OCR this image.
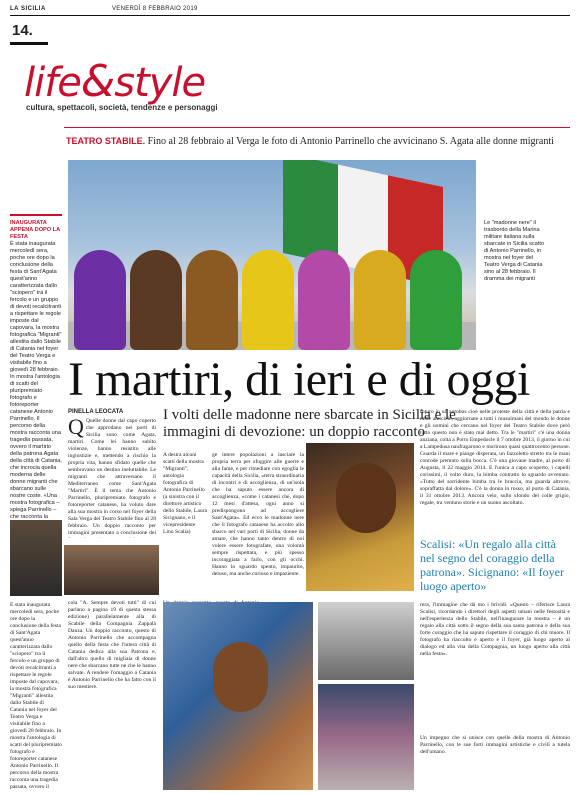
LA SICILIA	VENERDÌ 8 FEBBRAIO 2019
14.
life&style
cultura, spettacoli, società, tendenze e personaggi
TEATRO STABILE. Fino al 28 febbraio al Verga le foto di Antonio Parrinello che avvicinano S. Agata alle donne migranti
INAUGURATA APPENA DOPO LA FESTA
È stata inaugurata mercoledì sera, poche ore dopo la conclusione della festa di Sant'Agata quest'anno caratterizzata dallo "sciopero" tra il fercolo e un gruppo di devoti recalcitranti a rispettare le regole imposte dal capovara, la mostra fotografica "Migranti" allestita dallo Stabile di Catania nel foyer del Teatro Verga e visitabile fino a giovedì 28 febbraio. In mostra l'antologia di scatti del pluripremiato fotografo e fotoreporter catanese Antonio Parrinello. Il percorso della mostra racconta una tragedia passata, ovvero il martirio della patrona Agata della città di Catania, che incrocia quella moderna delle donne migranti che sbarcano sulle nostre coste. «Una mostra fotografica – spiega Parrinello – che racconta la
Le "madonne nere" il trasbordo della Marina militare italiana sulla sbarcate in Sicilia scatto di Antonio Parrinello, in mostra nel foyer del Teatro Verga di Catania sino al 28 febbraio. Il dramma dei migranti
I martiri, di ieri e di oggi
PINELLA LEOCATA
Q Quelle donne dal capo coperto che approdano nei porti di Sicilia sono come Agata, martiri. Come lei hanno subìto violenze, hanno resistito alle ingiustizie e, mettendo a rischio la propria vita, hanno sfidato quelle che sembravano un destino ineluttabile. Le migranti che attraversano il Mediterraneo come Sant'Agata "Martiri". È il tema che Antonio Parrinello, pluripremiato fotografo e fotoreporter catanese, ha voluto dare alla sua mostra in corso nel foyer della Sala Verga del Teatro Stabile fino al 28 febbraio. Un doppio racconto per immagini presentato a conclusione dei
I volti delle madonne nere sbarcate in Sicilia e le immagini di devozione: un doppio racconto
A destra alcuni scatti della mostra "Migranti", antologia fotografica di Antonio Parrinello (a sinistra con il direttore artistico dello Stabile, Laura Sicignano, e il vicepresidente Lino Scalia)
ge intere popolazioni a lasciare la propria terra per sfuggire alle guerre e alla fame, e per rimediare con egoglia le capacità della Sicilia, «terra straordinaria di incontri e di accoglienza, di un'isola che ha saputo essere ancora di accoglienza, «come i catanesi che, dopo 12 mesi d'attesa, ogni anno si predispongono ad accogliere Sant'Agata». Ed ecco le madonne nere che il fotografo catanese ha accolto allo sbarco nei vari porti di Sicilia, donne da amare, che hanno tanto dentro di noi volere essere fotografate, una volontà sempre rispettata, e più spesso incoraggiata a farlo, con gli occhi. Hanno lo sguardo spento, impaurito, deluso, ma anche curioso e impaziente.
futuro in un autobus cioè nelle proteste della città e della patria e nelle amicizie, aggiornate a tutti i musulmani del mondo le donne e gli uomini che cercano nel foyer del Teatro Stabile dove però tutto questo non è stato mai detto. Tra le "martiri" c'è una donna anziana, colta a Porto Empedocle il 7 ottobre 2013, il giorno in cui a Lampedusa naufragarono e morirono quasi quattrocento persone. Guarda il mare e piange disperata, un fazzoletto stretto tra le mani conrode premuto sulla bocca. C'è una giovane madre, al porto di Augusta, il 22 maggio 2014. E l'unica a capo scoperto, i capelli corissimi, il volto duro, la bimba contratto lo sguardo avvenuto. «Tutto del sorridente bimba tra le braccia, ma guarda altrove, sopraffatta dal dolore». C'è la donna in rosso, al porto di Catania, il 31 ottobre 2013. Ancora velo, sullo sfondo del colle grigio, regale, tra ventuno storie e un suono ascoltato.
Scalisi: «Un regalo alla città nel segno del coraggio della patrona». Sicignano: «Il foyer luogo aperto»
È stata inaugurata mercoledì sera, poche ore dopo la conclusione della festa di Sant'Agata quest'anno caratterizzata dallo "sciopero" tra il fercolo e un gruppo di devoti recalcitranti a rispettare le regole imposte dal capovara, la mostra fotografica "Migranti" allestita dallo Stabile di Catania nel foyer del Teatro Verga e visitabile fino a giovedì 28 febbraio. In mostra l'antologia di scatti del pluripremiato fotografo e fotoreporter catanese Antonio Parrinello. Il percorso della mostra racconta una tragedia passata, ovvero il
cola "A. Sempre devoti tutti" di cui parlano a pagina 19 di questa stessa edizione) parallelamente alla di Scabile della Compagnia Zappalà Danza. Un doppio racconto, questo di Antonio Parrinello che accompagna quello della festa che l'intera città di Catania dedica alla sua Patrona e, dall'altro quello di migliaia di donne nere che sbarcano tutte ne che le hanno salvate. A rendere l'omaggio a Catania è Antonio Parrinello che ha fatto con il suo mestiere.
rera, l'immagine che dà mo i brividi. «Questo – riferisce Laura Scalisi, ricordando i direttori degli aspetti umani nelle festosità e nell'esperienza dello Stabile, nell'inaugurare la mostra – è un regalo alla città sotto il segno della sua santa patrona e della sua forte coraggio che ha saputo rispettare il coraggio di chi muore. Il fotografo ha riaccolto e aperto e il foyer, già luogo aperto al dialogo ed alla vita della Compagnia, un luogo aperto alla città nella festa».
Un impegno che si unisce con quelle della mostra di Antonio Parrinello, con le sue forti immagini artistiche e civili a tutela dell'umano.
